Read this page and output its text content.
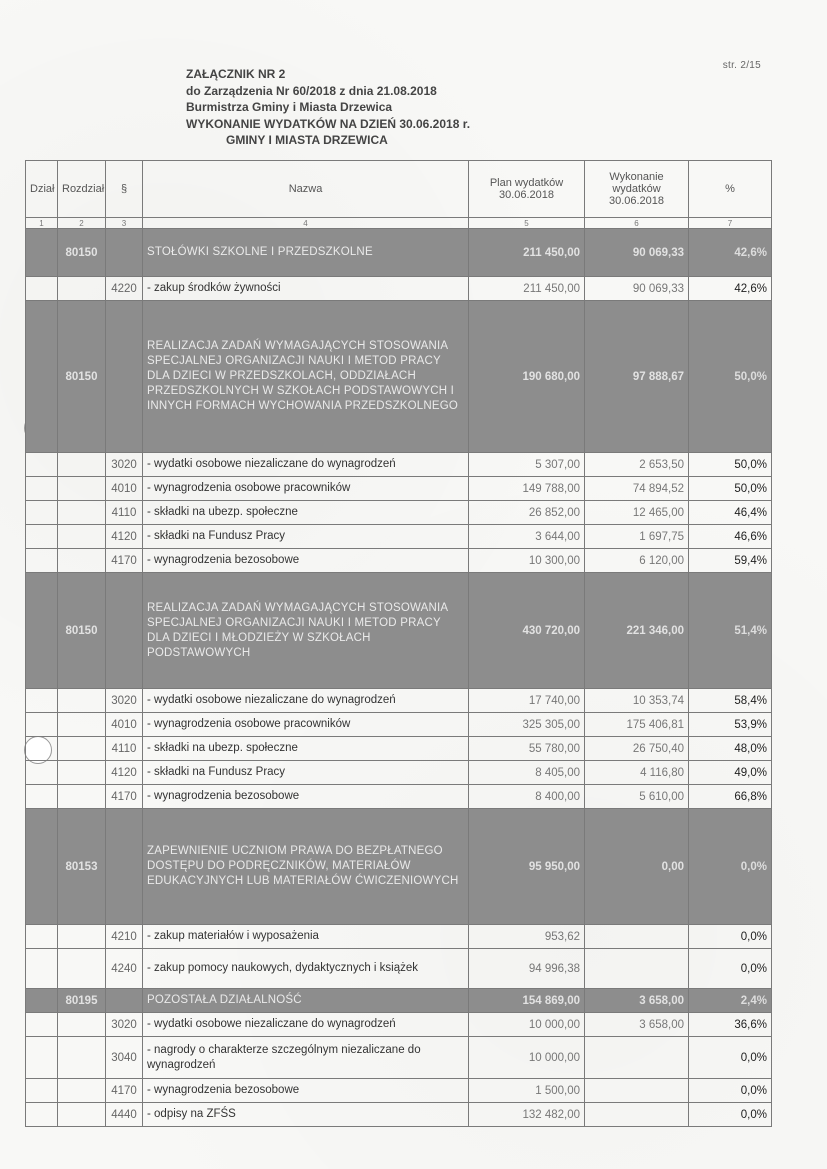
str. 2/15
ZAŁĄCZNIK NR 2
do Zarządzenia Nr 60/2018 z dnia 21.08.2018
Burmistrza Gminy i Miasta Drzewica
WYKONANIE WYDATKÓW NA DZIEŃ 30.06.2018 r.
GMINY I MIASTA DRZEWICA
Dział	Rozdział	§	Nazwa	Plan wydatków 30.06.2018	Wykonanie wydatków 30.06.2018	%
1	2	3	4	5	6	7
	80150		STOŁÓWKI SZKOLNE I PRZEDSZKOLNE	211 450,00	90 069,33	42,6%
		4220	- zakup środków żywności	211 450,00	90 069,33	42,6%
	80150		REALIZACJA ZADAŃ WYMAGAJĄCYCH STOSOWANIA SPECJALNEJ ORGANIZACJI NAUKI I METOD PRACY DLA DZIECI W PRZEDSZKOLACH, ODDZIAŁACH PRZEDSZKOLNYCH W SZKOŁACH PODSTAWOWYCH I INNYCH FORMACH WYCHOWANIA PRZEDSZKOLNEGO	190 680,00	97 888,67	50,0%
		3020	- wydatki osobowe niezaliczane do wynagrodzeń	5 307,00	2 653,50	50,0%
		4010	- wynagrodzenia osobowe pracowników	149 788,00	74 894,52	50,0%
		4110	- składki na ubezp. społeczne	26 852,00	12 465,00	46,4%
		4120	- składki na Fundusz Pracy	3 644,00	1 697,75	46,6%
		4170	- wynagrodzenia bezosobowe	10 300,00	6 120,00	59,4%
	80150		REALIZACJA ZADAŃ WYMAGAJĄCYCH STOSOWANIA SPECJALNEJ ORGANIZACJI NAUKI I METOD PRACY DLA DZIECI I MŁODZIEŻY W SZKOŁACH PODSTAWOWYCH	430 720,00	221 346,00	51,4%
		3020	- wydatki osobowe niezaliczane do wynagrodzeń	17 740,00	10 353,74	58,4%
		4010	- wynagrodzenia osobowe pracowników	325 305,00	175 406,81	53,9%
		4110	- składki na ubezp. społeczne	55 780,00	26 750,40	48,0%
		4120	- składki na Fundusz Pracy	8 405,00	4 116,80	49,0%
		4170	- wynagrodzenia bezosobowe	8 400,00	5 610,00	66,8%
	80153		ZAPEWNIENIE UCZNIOM PRAWA DO BEZPŁATNEGO DOSTĘPU DO PODRĘCZNIKÓW, MATERIAŁÓW EDUKACYJNYCH LUB MATERIAŁÓW ĆWICZENIOWYCH	95 950,00	0,00	0,0%
		4210	- zakup materiałów i wyposażenia	953,62		0,0%
		4240	- zakup pomocy naukowych, dydaktycznych i książek	94 996,38		0,0%
	80195		POZOSTAŁA DZIAŁALNOŚĆ	154 869,00	3 658,00	2,4%
		3020	- wydatki osobowe niezaliczane do wynagrodzeń	10 000,00	3 658,00	36,6%
		3040	- nagrody o charakterze szczególnym niezaliczane do wynagrodzeń	10 000,00		0,0%
		4170	- wynagrodzenia bezosobowe	1 500,00		0,0%
		4440	- odpisy na ZFŚS	132 482,00		0,0%
